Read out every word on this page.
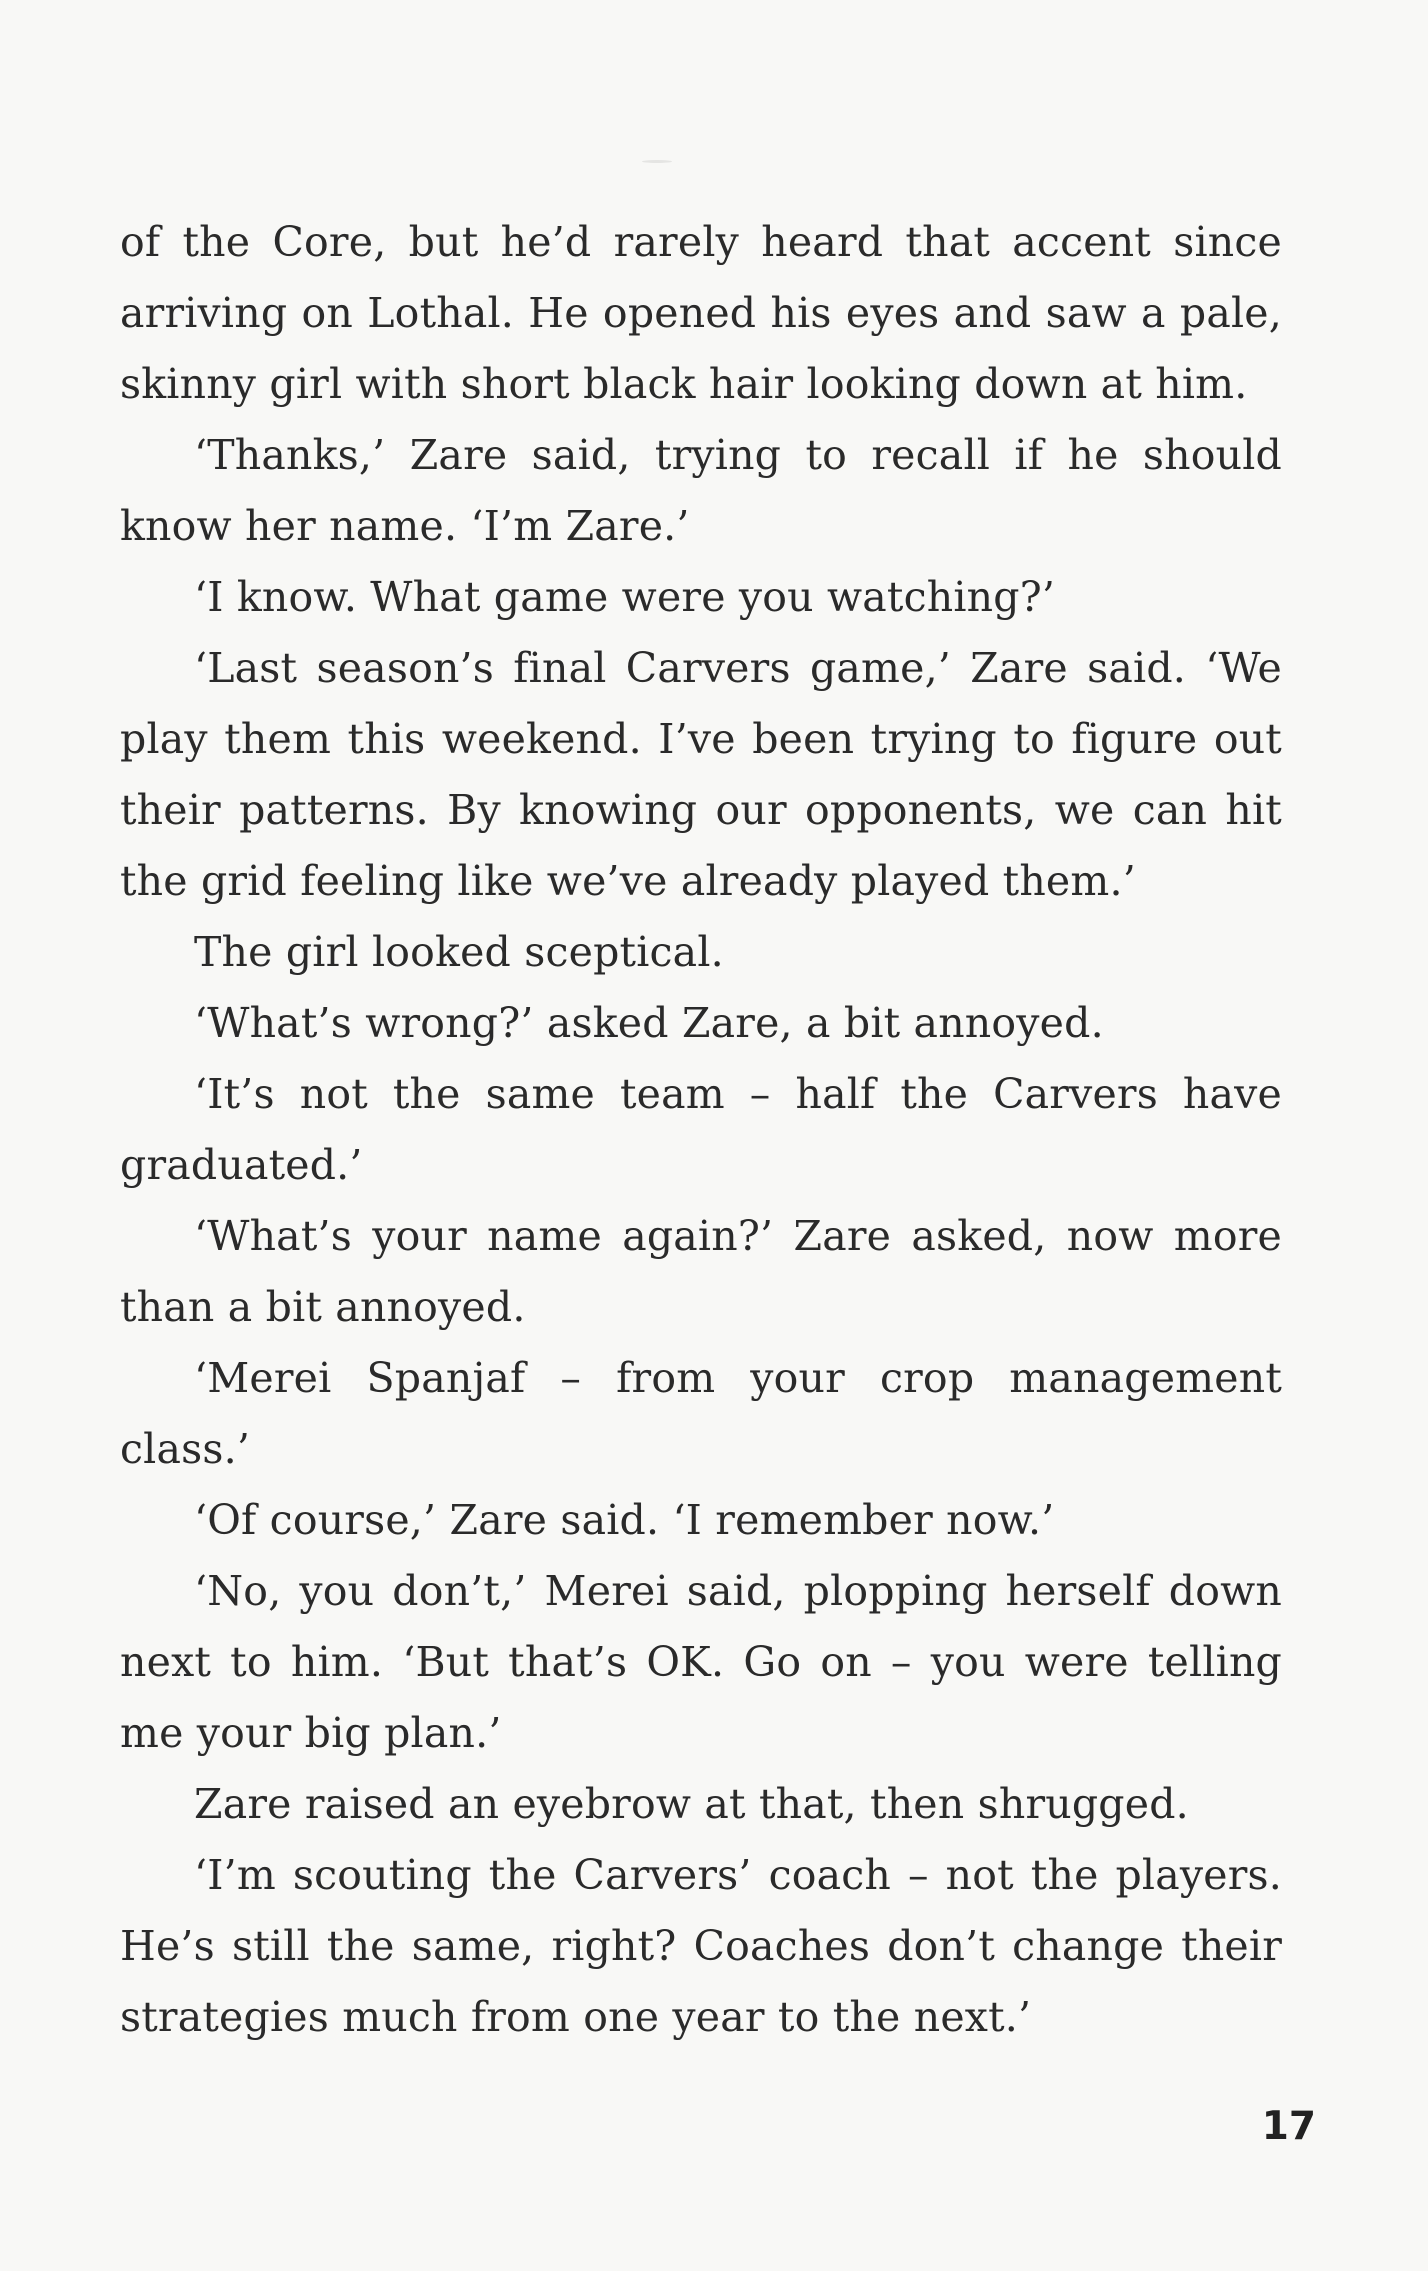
of the Core, but he’d rarely heard that accent since arriving on Lothal. He opened his eyes and saw a pale, skinny girl with short black hair looking down at him.

‘Thanks,’ Zare said, trying to recall if he should know her name. ‘I’m Zare.’

‘I know. What game were you watching?’

‘Last season’s final Carvers game,’ Zare said. ‘We play them this weekend. I’ve been trying to figure out their patterns. By knowing our opponents, we can hit the grid feeling like we’ve already played them.’

The girl looked sceptical.

‘What’s wrong?’ asked Zare, a bit annoyed.

‘It’s not the same team – half the Carvers have graduated.’

‘What’s your name again?’ Zare asked, now more than a bit annoyed.

‘Merei Spanjaf – from your crop management class.’

‘Of course,’ Zare said. ‘I remember now.’

‘No, you don’t,’ Merei said, plopping herself down next to him. ‘But that’s OK. Go on – you were telling me your big plan.’

Zare raised an eyebrow at that, then shrugged.

‘I’m scouting the Carvers’ coach – not the players. He’s still the same, right? Coaches don’t change their strategies much from one year to the next.’

17
